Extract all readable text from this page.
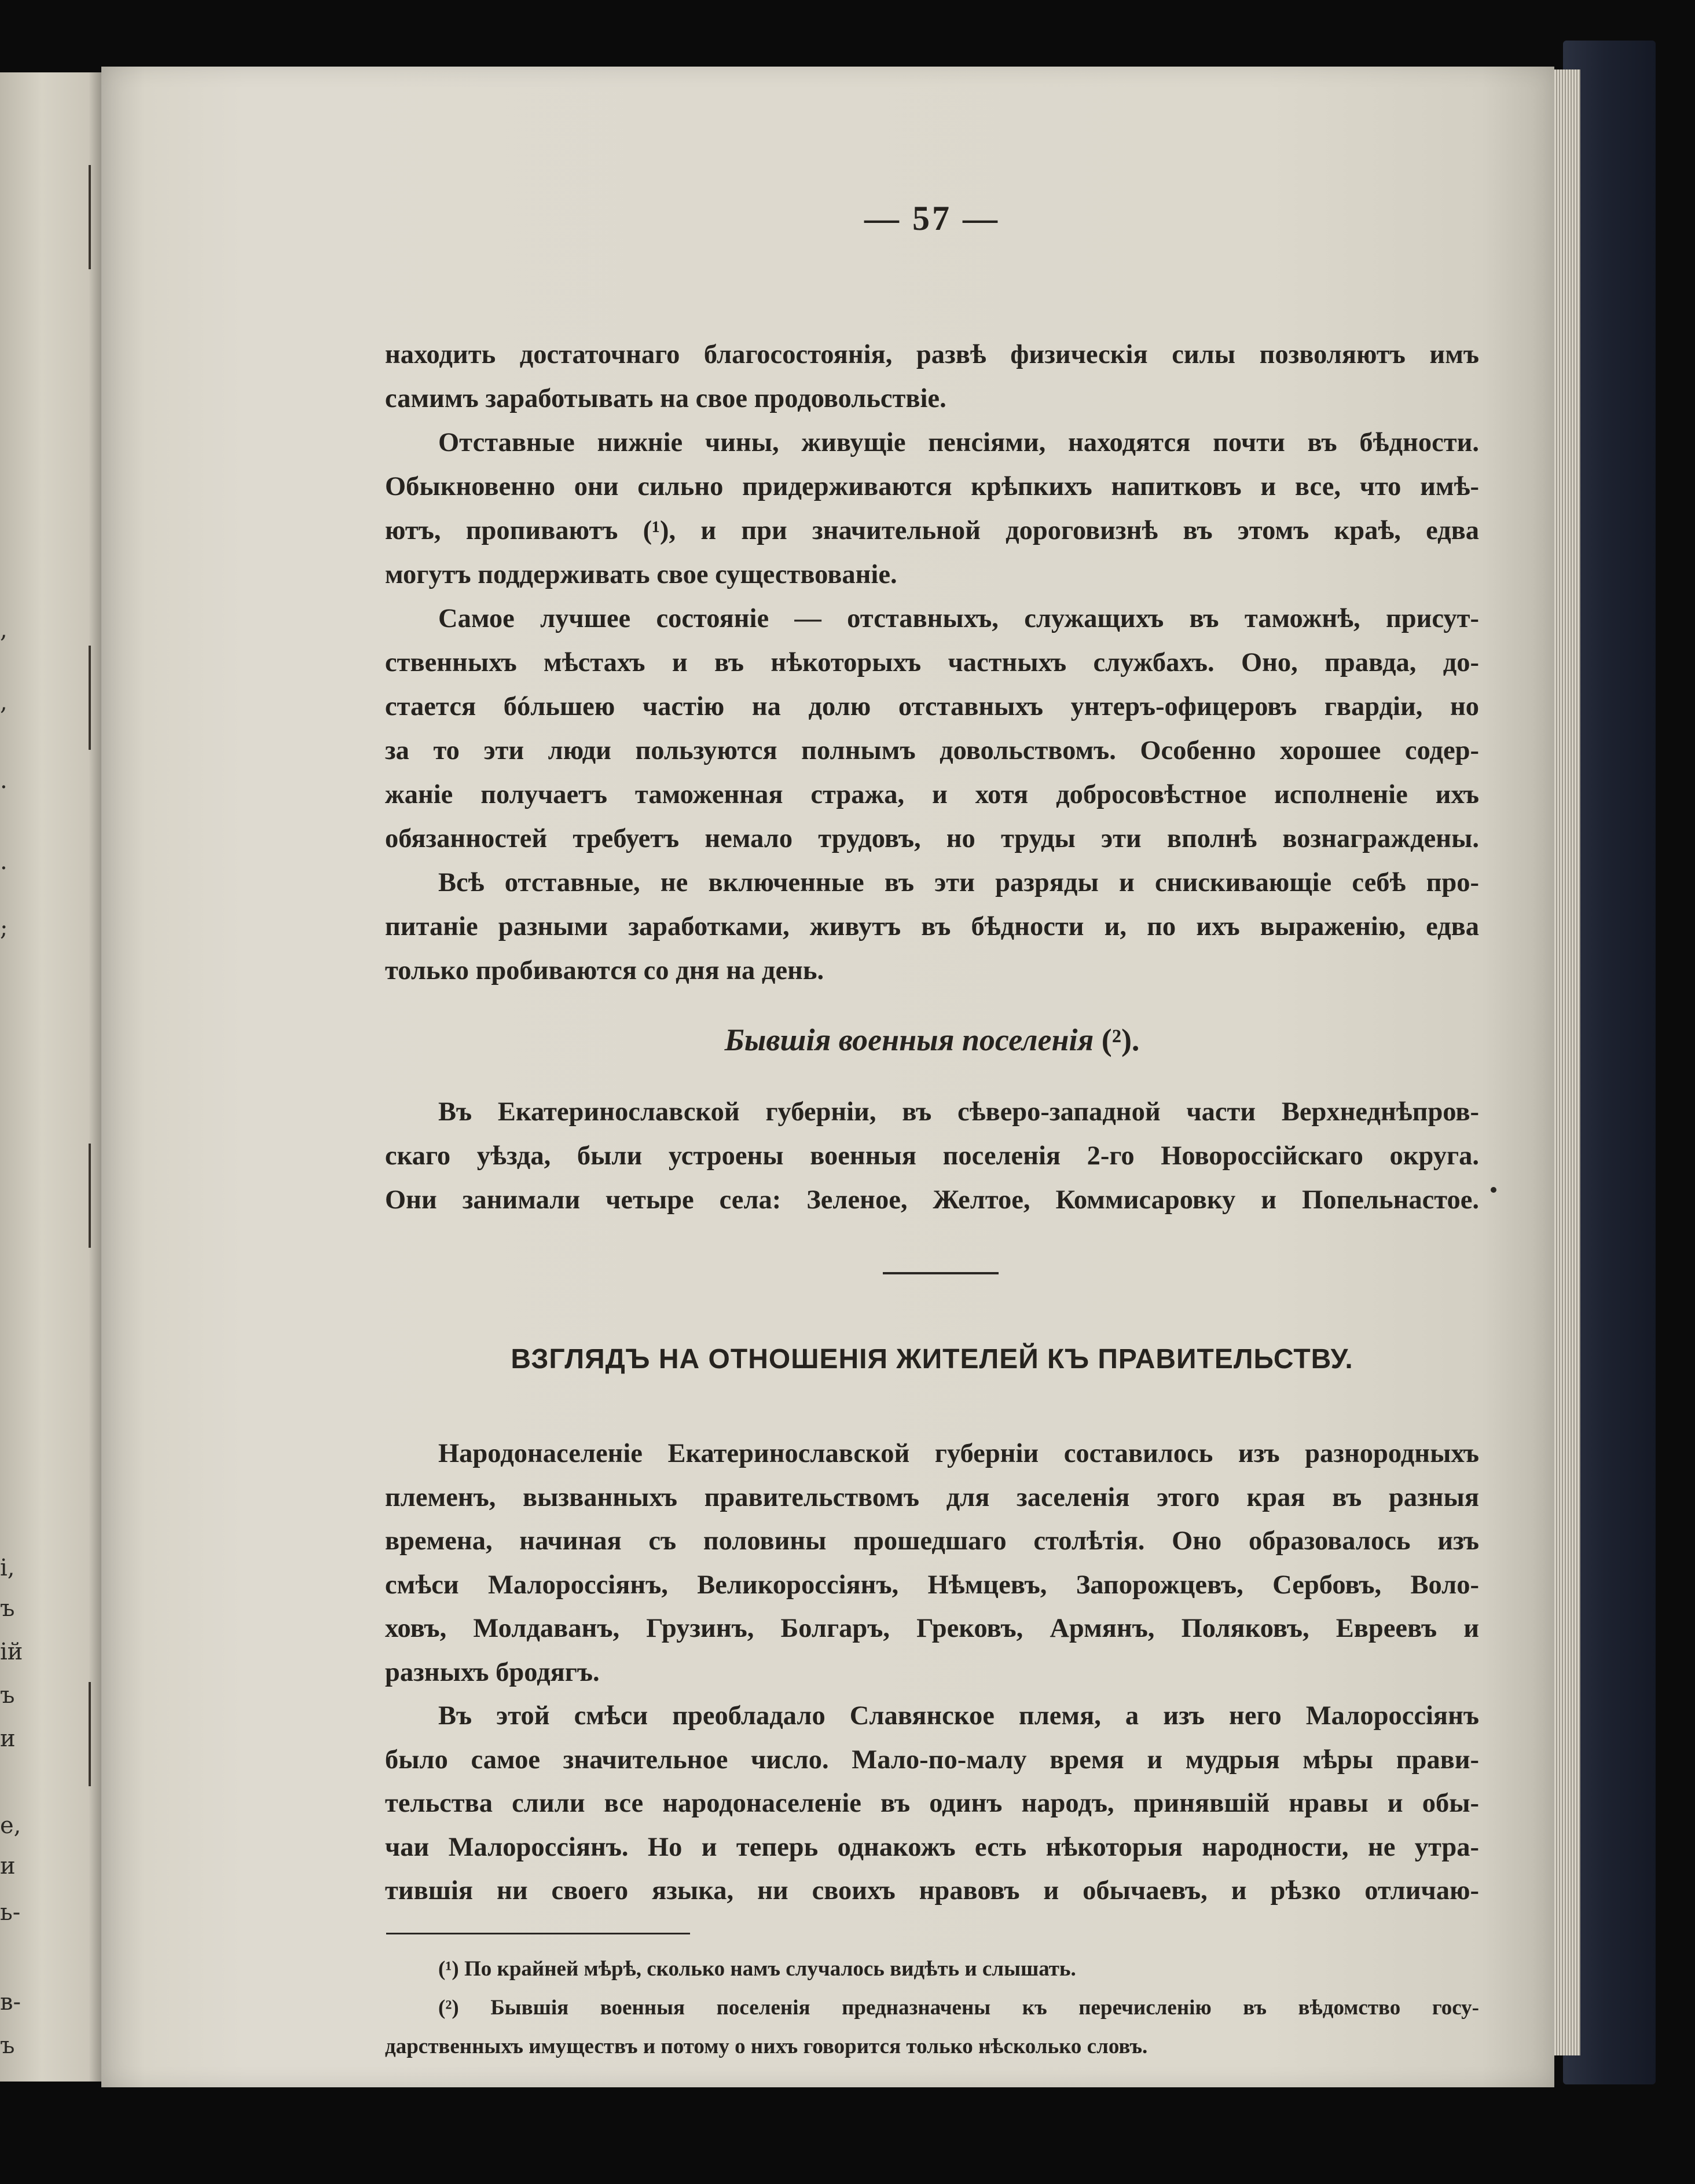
,
,
.
.
;
і,
ъ
ій
ъ
и
е,
и
ь-
в-
ъ
— 57 —
находить достаточнаго благосостоянія, развѣ физическія силы позволяютъ имъ
самимъ заработывать на свое продовольствіе.
Отставные нижніе чины, живущіе пенсіями, находятся почти въ бѣдности.
Обыкновенно они сильно придерживаются крѣпкихъ напитковъ и все, что имѣ-
ютъ, пропиваютъ (¹), и при значительной дороговизнѣ въ этомъ краѣ, едва
могутъ поддерживать свое существованіе.
Самое лучшее состояніе — отставныхъ, служащихъ въ таможнѣ, присут-
ственныхъ мѣстахъ и въ нѣкоторыхъ частныхъ службахъ. Оно, правда, до-
стается бóльшею частію на долю отставныхъ унтеръ-офицеровъ гвардіи, но
за то эти люди пользуются полнымъ довольствомъ. Особенно хорошее содер-
жаніе получаетъ таможенная стража, и хотя добросовѣстное исполненіе ихъ
обязанностей требуетъ немало трудовъ, но труды эти вполнѣ вознаграждены.
Всѣ отставные, не включенные въ эти разряды и снискивающіе себѣ про-
питаніе разными заработками, живутъ въ бѣдности и, по ихъ выраженію, едва
только пробиваются со дня на день.
Бывшія военныя поселенія (²).
Въ Екатеринославской губерніи, въ сѣверо-западной части Верхнеднѣпров-
скаго уѣзда, были устроены военныя поселенія 2-го Новороссійскаго округа.
Они занимали четыре села: Зеленое, Желтое, Коммисаровку и Попельнастое.
ВЗГЛЯДЪ НА ОТНОШЕНІЯ ЖИТЕЛЕЙ КЪ ПРАВИТЕЛЬСТВУ.
Народонаселеніе Екатеринославской губерніи составилось изъ разнородныхъ
племенъ, вызванныхъ правительствомъ для заселенія этого края въ разныя
времена, начиная съ половины прошедшаго столѣтія. Оно образовалось изъ
смѣси Малороссіянъ, Великороссіянъ, Нѣмцевъ, Запорожцевъ, Сербовъ, Воло-
ховъ, Молдаванъ, Грузинъ, Болгаръ, Грековъ, Армянъ, Поляковъ, Евреевъ и
разныхъ бродягъ.
Въ этой смѣси преобладало Славянское племя, а изъ него Малороссіянъ
было самое значительное число. Мало-по-малу время и мудрыя мѣры прави-
тельства слили все народонаселеніе въ одинъ народъ, принявшій нравы и обы-
чаи Малороссіянъ. Но и теперь однакожъ есть нѣкоторыя народности, не утра-
тившія ни своего языка, ни своихъ нравовъ и обычаевъ, и рѣзко отличаю-
(¹) По крайней мѣрѣ, сколько намъ случалось видѣть и слышать.
(²) Бывшія военныя поселенія предназначены къ перечисленію въ вѣдомство госу-
дарственныхъ имуществъ и потому о нихъ говорится только нѣсколько словъ.
